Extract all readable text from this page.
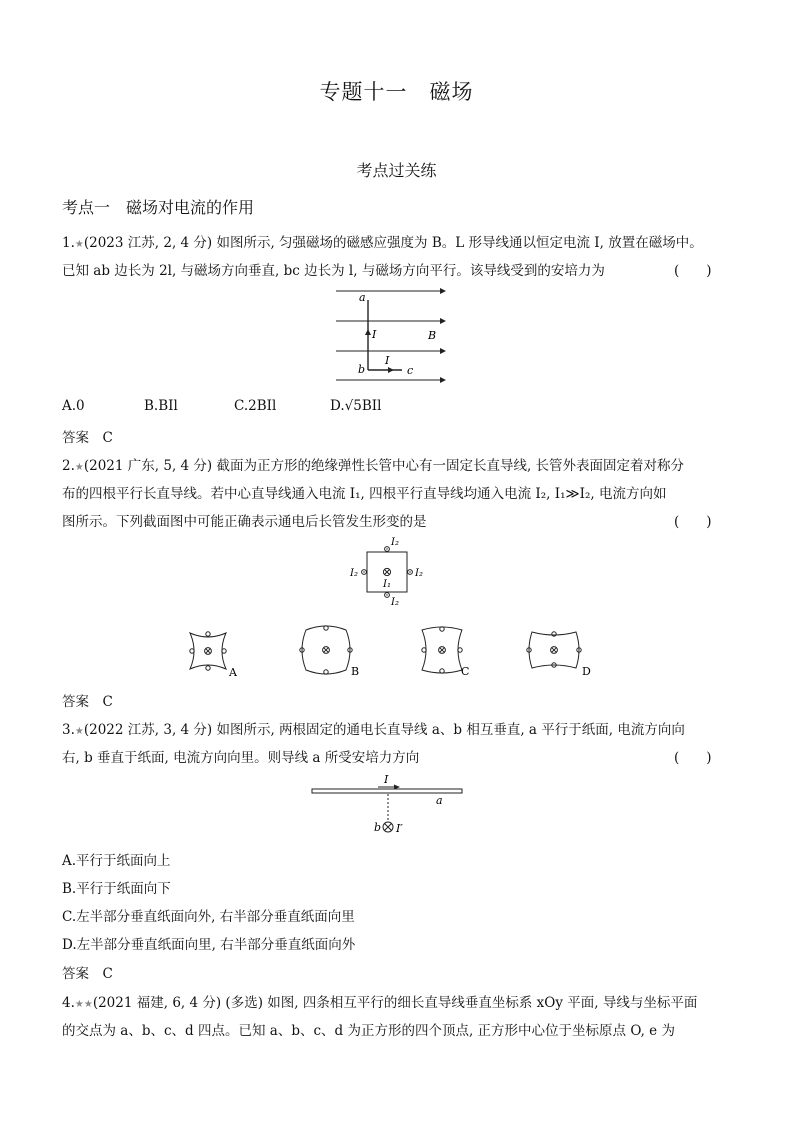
专题十一　磁场
考点过关练
考点一　磁场对电流的作用
1.★(2023 江苏, 2, 4 分) 如图所示, 匀强磁场的磁感应强度为 B。L 形导线通以恒定电流 I, 放置在磁场中。
已知 ab 边长为 2l, 与磁场方向垂直, bc 边长为 l, 与磁场方向平行。该导线受到的安培力为	(　　)
a
I	B
I
b	c
A.0	B.BIl	C.2BIl	D.√5BIl
答案　C
2.★(2021 广东, 5, 4 分) 截面为正方形的绝缘弹性长管中心有一固定长直导线, 长管外表面固定着对称分
布的四根平行长直导线。若中心直导线通入电流 I₁, 四根平行直导线均通入电流 I₂, I₁≫I₂, 电流方向如
图所示。下列截面图中可能正确表示通电后长管发生形变的是	(　　)
I₂
I₂	I₂
I₁
I₂
A	B	C	D
答案　C
3.★(2022 江苏, 3, 4 分) 如图所示, 两根固定的通电长直导线 a、b 相互垂直, a 平行于纸面, 电流方向向
右, b 垂直于纸面, 电流方向向里。则导线 a 所受安培力方向	(　　)
I
a
b I′
A.平行于纸面向上
B.平行于纸面向下
C.左半部分垂直纸面向外, 右半部分垂直纸面向里
D.左半部分垂直纸面向里, 右半部分垂直纸面向外
答案　C
4.★★(2021 福建, 6, 4 分) (多选) 如图, 四条相互平行的细长直导线垂直坐标系 xOy 平面, 导线与坐标平面
的交点为 a、b、c、d 四点。已知 a、b、c、d 为正方形的四个顶点, 正方形中心位于坐标原点 O, e 为
